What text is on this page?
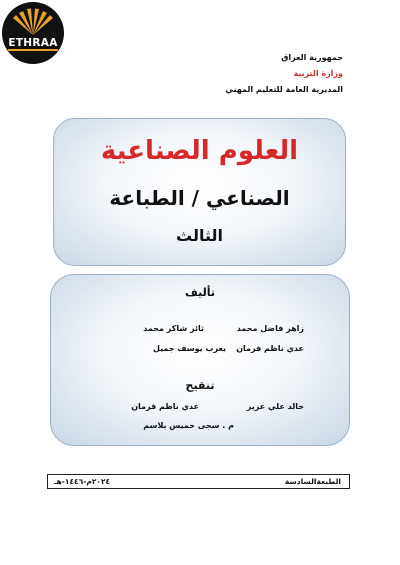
ETHRAA
جمهورية العراق
وزارة التربية
المديرية العامة للتعليم المهني
العلوم الصناعية
الصناعي / الطباعة
الثالث
تأليف
زاهر فاضل محمد
ثائر شاكر محمد
عدي ناظم فرمان
يعرب يوسف جميل
تنقيح
خالد علي عزيز
عدي ناظم فرمان
م . سجى خميس بلاسم
الطبعةالسادسة
٢٠٢٤م-١٤٤٦-هـ
